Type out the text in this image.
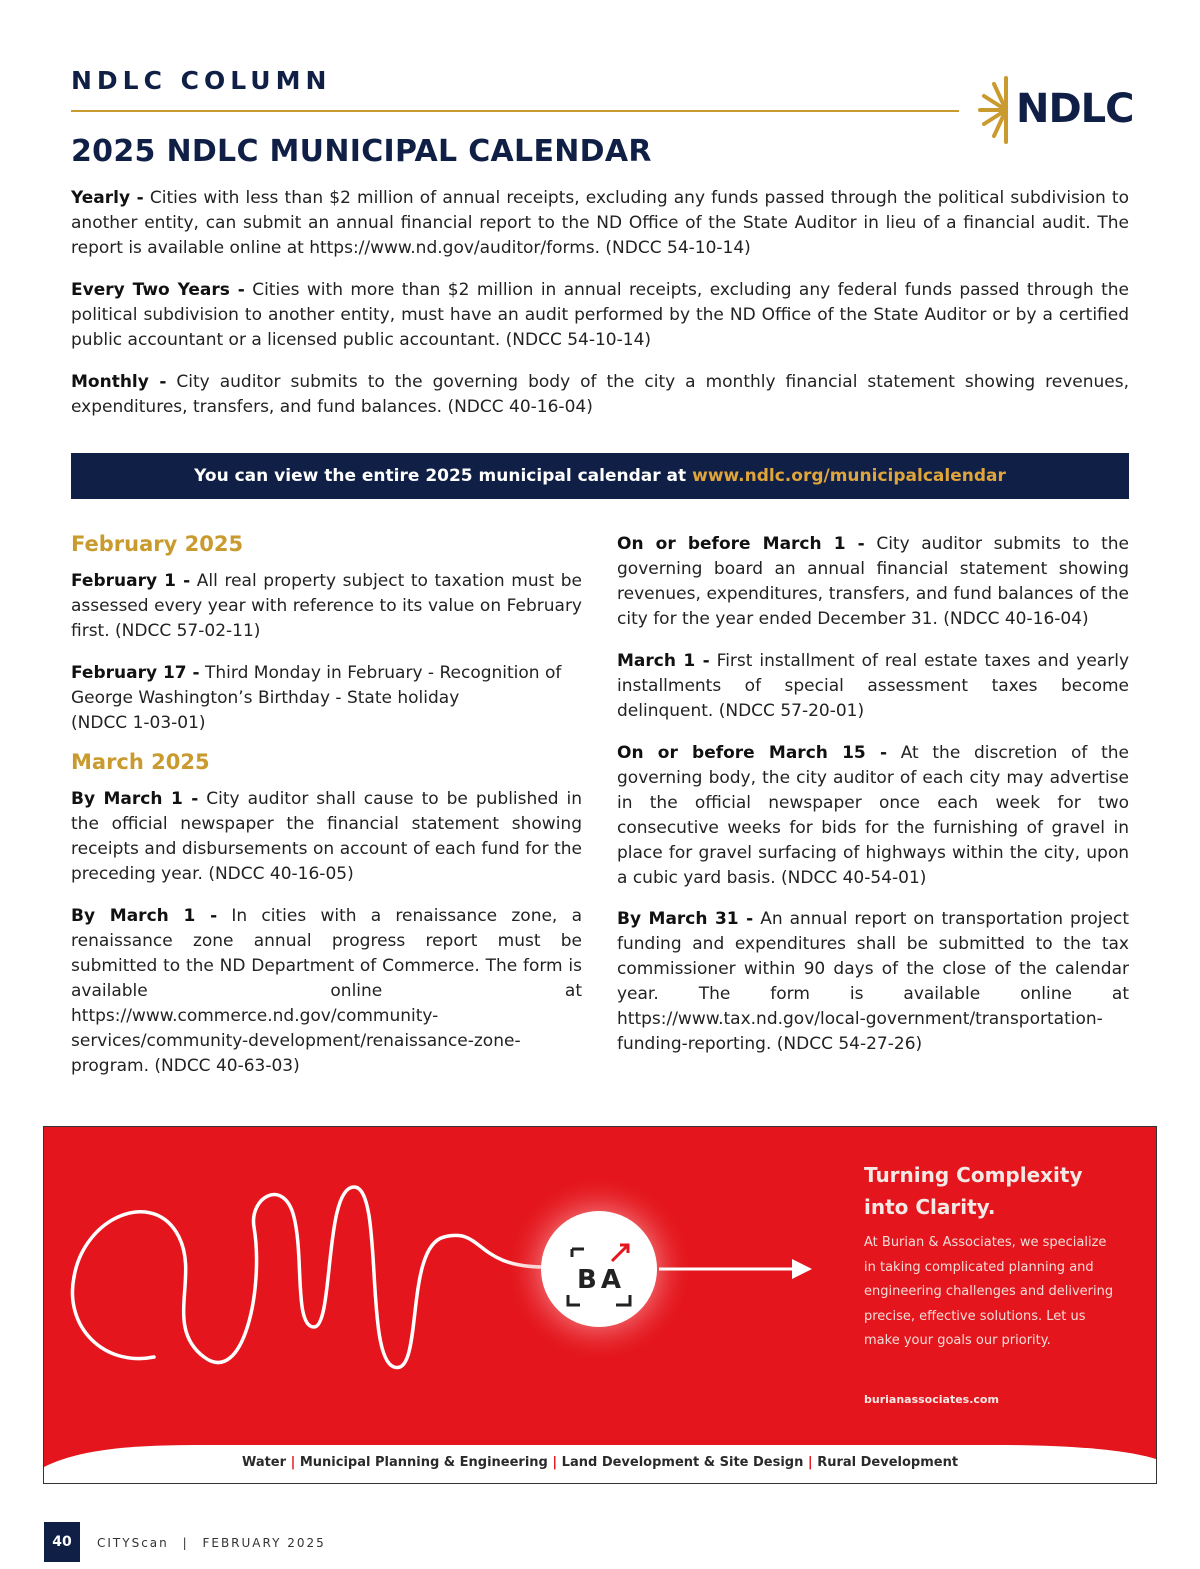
NDLC COLUMN
NDLC
2025 NDLC MUNICIPAL CALENDAR
Yearly - Cities with less than $2 million of annual receipts, excluding any funds passed through the political subdivision to another entity, can submit an annual financial report to the ND Office of the State Auditor in lieu of a financial audit. The report is available online at https://www.nd.gov/auditor/forms. (NDCC 54-10-14)
Every Two Years - Cities with more than $2 million in annual receipts, excluding any federal funds passed through the political subdivision to another entity, must have an audit performed by the ND Office of the State Auditor or by a certified public accountant or a licensed public accountant. (NDCC 54-10-14)
Monthly - City auditor submits to the governing body of the city a monthly financial statement showing revenues, expenditures, transfers, and fund balances. (NDCC 40-16-04)
You can view the entire 2025 municipal calendar at www.ndlc.org/municipalcalendar
February 2025
February 1 - All real property subject to taxation must be assessed every year with reference to its value on February first. (NDCC 57-02-11)
February 17 - Third Monday in February - Recognition of George Washington’s Birthday - State holiday
(NDCC 1-03-01)
March 2025
By March 1 - City auditor shall cause to be published in the official newspaper the financial statement showing receipts and disbursements on account of each fund for the preceding year. (NDCC 40-16-05)
By March 1 - In cities with a renaissance zone, a renaissance zone annual progress report must be submitted to the ND Department of Commerce. The form is available online at https://www.commerce.nd.gov/community-services/community-development/renaissance-zone-program. (NDCC 40-63-03)
On or before March 1 - City auditor submits to the governing board an annual financial statement showing revenues, expenditures, transfers, and fund balances of the city for the year ended December 31. (NDCC 40-16-04)
March 1 - First installment of real estate taxes and yearly installments of special assessment taxes become delinquent. (NDCC 57-20-01)
On or before March 15 - At the discretion of the governing body, the city auditor of each city may advertise in the official newspaper once each week for two consecutive weeks for bids for the furnishing of gravel in place for gravel surfacing of highways within the city, upon a cubic yard basis. (NDCC 40-54-01)
By March 31 - An annual report on transportation project funding and expenditures shall be submitted to the tax commissioner within 90 days of the close of the calendar year. The form is available online at https://www.tax.nd.gov/local-government/transportation-funding-reporting. (NDCC 54-27-26)
BA
Turning Complexity
into Clarity.
At Burian & Associates, we specialize in taking complicated planning and engineering challenges and delivering precise, effective solutions. Let us make your goals our priority.
burianassociates.com
Water | Municipal Planning & Engineering | Land Development & Site Design | Rural Development
40	CITYScan | FEBRUARY 2025
